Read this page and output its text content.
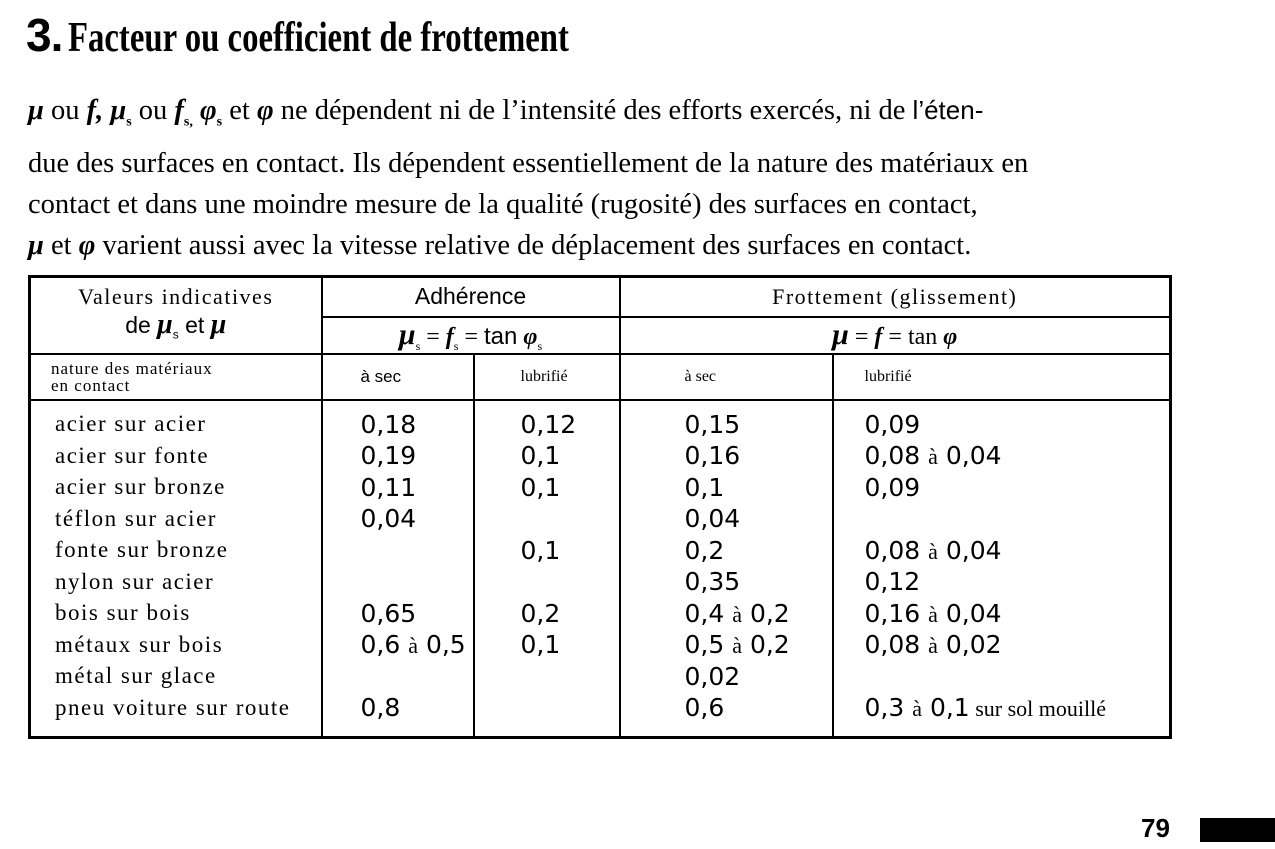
3. Facteur ou coefficient de frottement
μ ou f, $\mu_s$ ou $f_{s,}$ $\varphi_s$ et φ ne dépendent ni de l’intensité des efforts exercés, ni de l’éten-
due des surfaces en contact. Ils dépendent essentiellement de la nature des matériaux en
contact et dans une moindre mesure de la qualité (rugosité) des surfaces en contact,
μ et φ varient aussi avec la vitesse relative de déplacement des surfaces en contact.
Valeurs indicatives
de $\mu_s$ et μ	Adhérence		Frottement (glissement)	
	$\mu_s = f_s = \tan \varphi_s$		μ = f = tan φ	

nature des matériaux
en contact	à sec	lubrifié	à sec	lubrifié

acier sur acier	0,18	0,12	0,15	0,09
acier sur fonte	0,19	0,1	0,16	0,08 à 0,04
acier sur bronze	0,11	0,1	0,1	0,09
téflon sur acier	0,04		0,04	
fonte sur bronze		0,1	0,2	0,08 à 0,04
nylon sur acier			0,35	0,12
bois sur bois	0,65	0,2	0,4 à 0,2	0,16 à 0,04
métaux sur bois	0,6 à 0,5	0,1	0,5 à 0,2	0,08 à 0,02
métal sur glace			0,02	
pneu voiture sur route	0,8		0,6	0,3 à 0,1 sur sol mouillé

79
